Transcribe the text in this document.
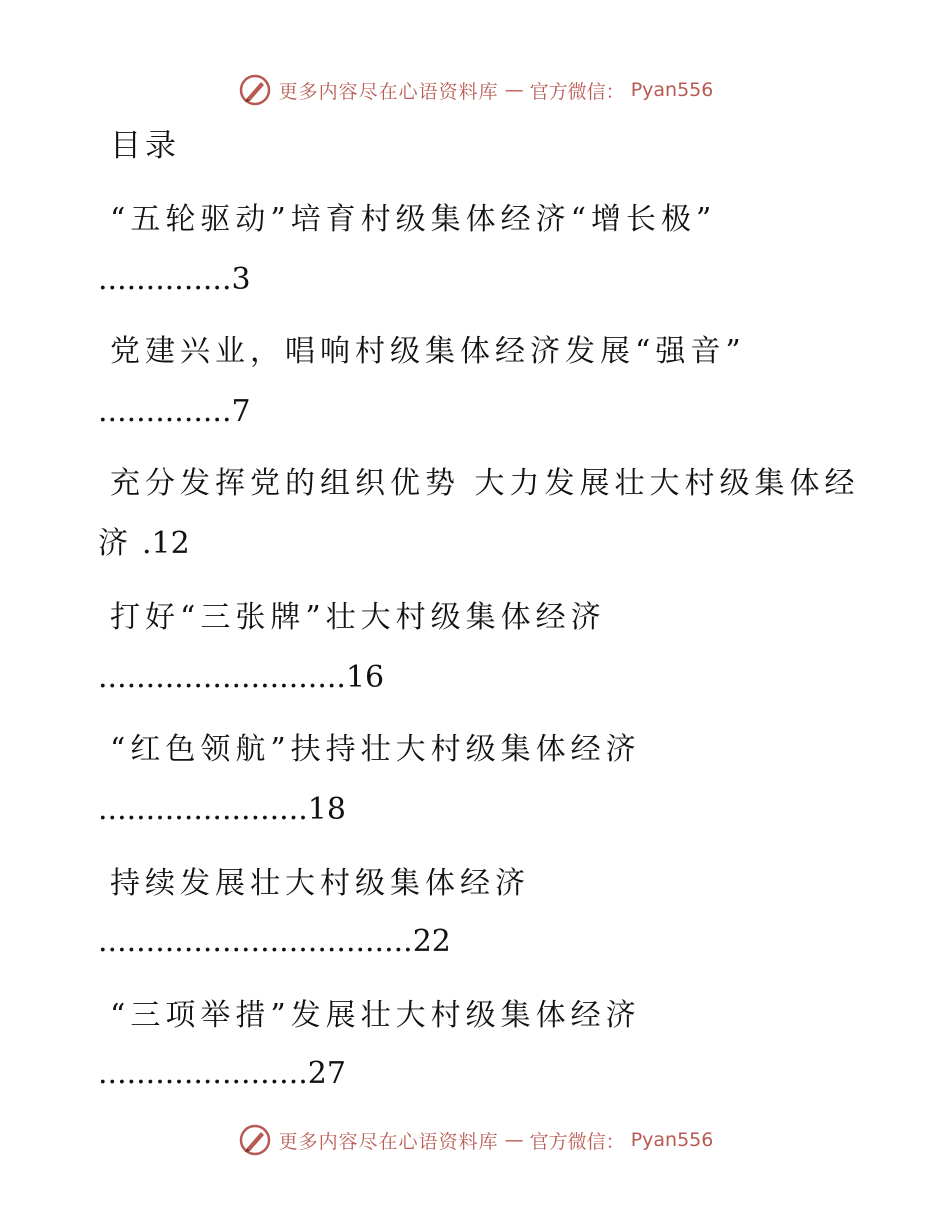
更多内容尽在心语资料库 — 官方微信： Pyan556
目录
“五轮驱动”培育村级集体经济“增长极”
..............3
党建兴业，唱响村级集体经济发展“强音”
..............7
充分发挥党的组织优势 大力发展壮大村级集体经
济 .12
打好“三张牌”壮大村级集体经济
..........................16
“红色领航”扶持壮大村级集体经济
......................18
持续发展壮大村级集体经济
.................................22
“三项举措”发展壮大村级集体经济
......................27
更多内容尽在心语资料库 — 官方微信： Pyan556
